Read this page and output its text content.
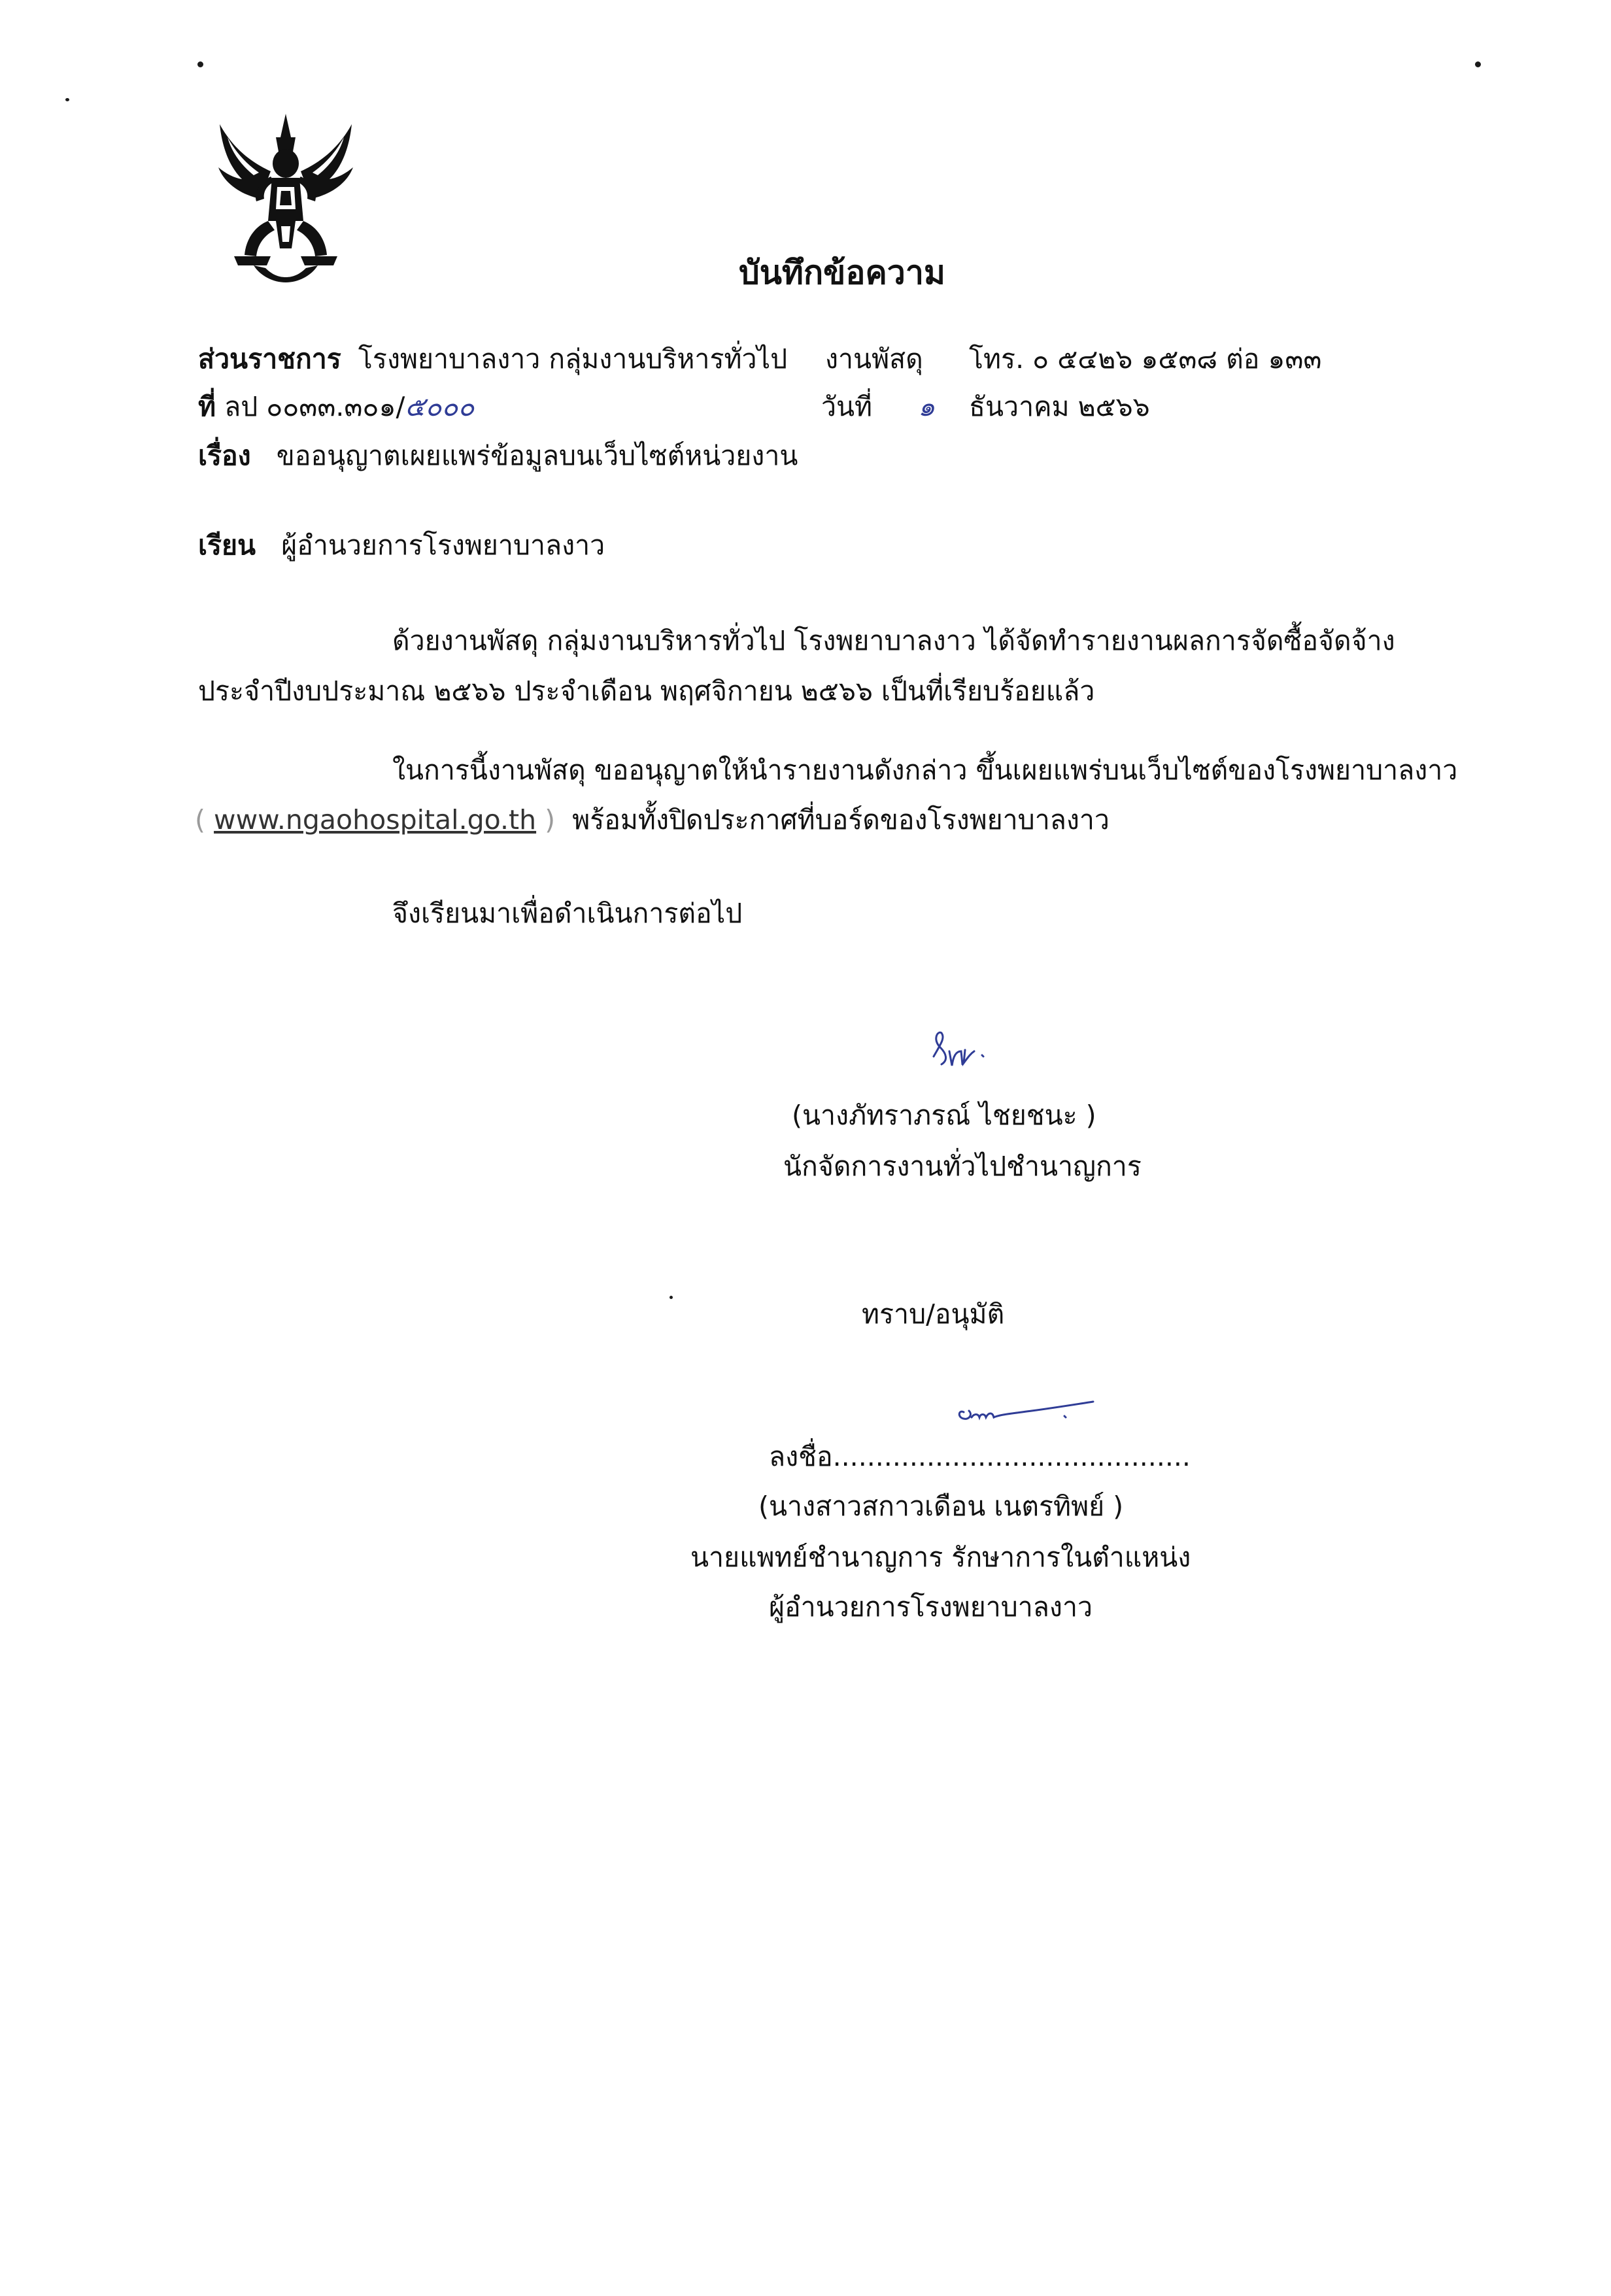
บันทึกข้อความ
ส่วนราชการ โรงพยาบาลงาว กลุ่มงานบริหารทั่วไป งานพัสดุ โทร. ๐ ๕๔๒๖ ๑๕๓๘ ต่อ ๑๓๓
ที่ ลป ๐๐๓๓.๓๐๑/๕๐๐๐	วันที่ ๑ ธันวาคม ๒๕๖๖
เรื่อง ขออนุญาตเผยแพร่ข้อมูลบนเว็บไซต์หน่วยงาน
เรียน ผู้อำนวยการโรงพยาบาลงาว
ด้วยงานพัสดุ กลุ่มงานบริหารทั่วไป โรงพยาบาลงาว ได้จัดทำรายงานผลการจัดซื้อจัดจ้าง
ประจำปีงบประมาณ ๒๕๖๖ ประจำเดือน พฤศจิกายน ๒๕๖๖ เป็นที่เรียบร้อยแล้ว
ในการนี้งานพัสดุ ขออนุญาตให้นำรายงานดังกล่าว ขึ้นเผยแพร่บนเว็บไซต์ของโรงพยาบาลงาว
( www.ngaohospital.go.th ) พร้อมทั้งปิดประกาศที่บอร์ดของโรงพยาบาลงาว
จึงเรียนมาเพื่อดำเนินการต่อไป
(นางภัทราภรณ์ ไชยชนะ )
นักจัดการงานทั่วไปชำนาญการ
ทราบ/อนุมัติ
ลงชื่อ..........................................
(นางสาวสกาวเดือน เนตรทิพย์ )
นายแพทย์ชำนาญการ รักษาการในตำแหน่ง
ผู้อำนวยการโรงพยาบาลงาว
